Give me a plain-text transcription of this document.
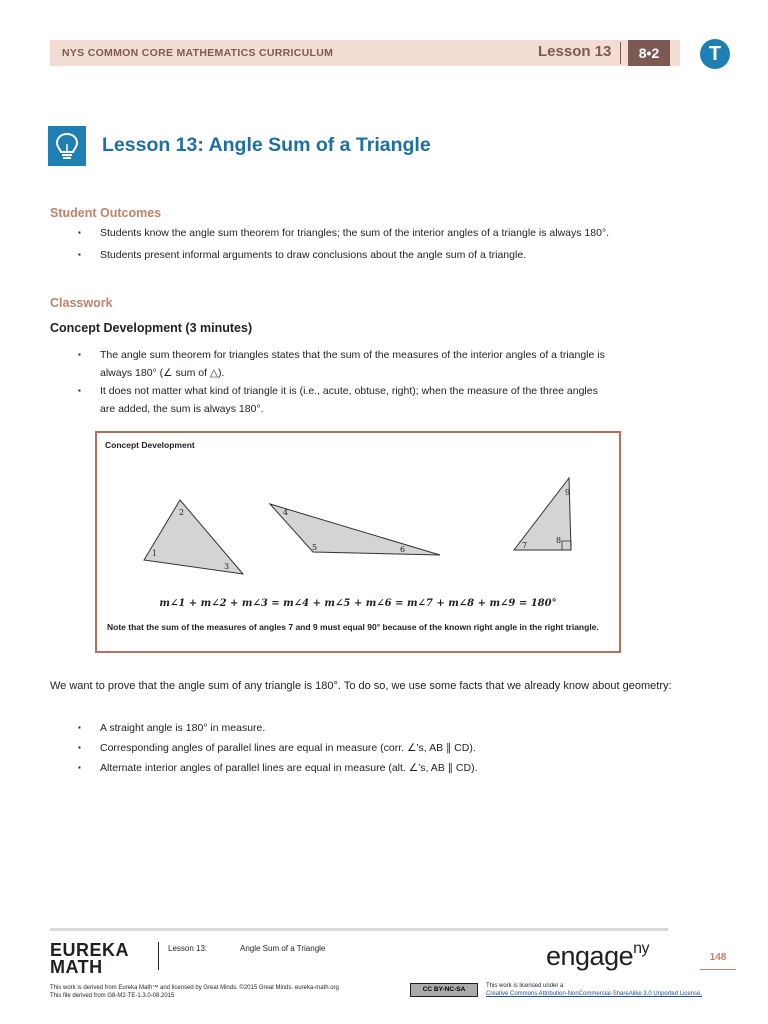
NYS COMMON CORE MATHEMATICS CURRICULUM	Lesson 13	8•2	T
Lesson 13: Angle Sum of a Triangle
Student Outcomes
▪ Students know the angle sum theorem for triangles; the sum of the interior angles of a triangle is always 180°.
▪ Students present informal arguments to draw conclusions about the angle sum of a triangle.
Classwork
Concept Development (3 minutes)
▪ The angle sum theorem for triangles states that the sum of the measures of the interior angles of a triangle is
always 180° (∠ sum of △).
▪ It does not matter what kind of triangle it is (i.e., acute, obtuse, right); when the measure of the three angles
are added, the sum is always 180°.
Concept Development
1
2
3
4
5	6	7
8
9
m∠1 + m∠2 + m∠3 = m∠4 + m∠5 + m∠6 = m∠7 + m∠8 + m∠9 = 180°
Note that the sum of the measures of angles 7 and 9 must equal 90° because of the known right angle in the right triangle.
We want to prove that the angle sum of any triangle is 180°. To do so, we use some facts that we already know about geometry:
▪ A straight angle is 180° in measure.
▪ Corresponding angles of parallel lines are equal in measure (corr. ∠’s, AB ∥ CD).
▪ Alternate interior angles of parallel lines are equal in measure (alt. ∠’s, AB ∥ CD).
EUREKA
MATH
Lesson 13:	Angle Sum of a Triangle	engage$^{ny}$
148
This work is derived from Eureka Math™ and licensed by Great Minds. ©2015 Great Minds. eureka-math.org
This file derived from G8-M2-TE-1.3.0-08.2015
CC BY-NC-SA	This work is licensed under a
Creative Commons Attribution-NonCommercial-ShareAlike 3.0 Unported License.
